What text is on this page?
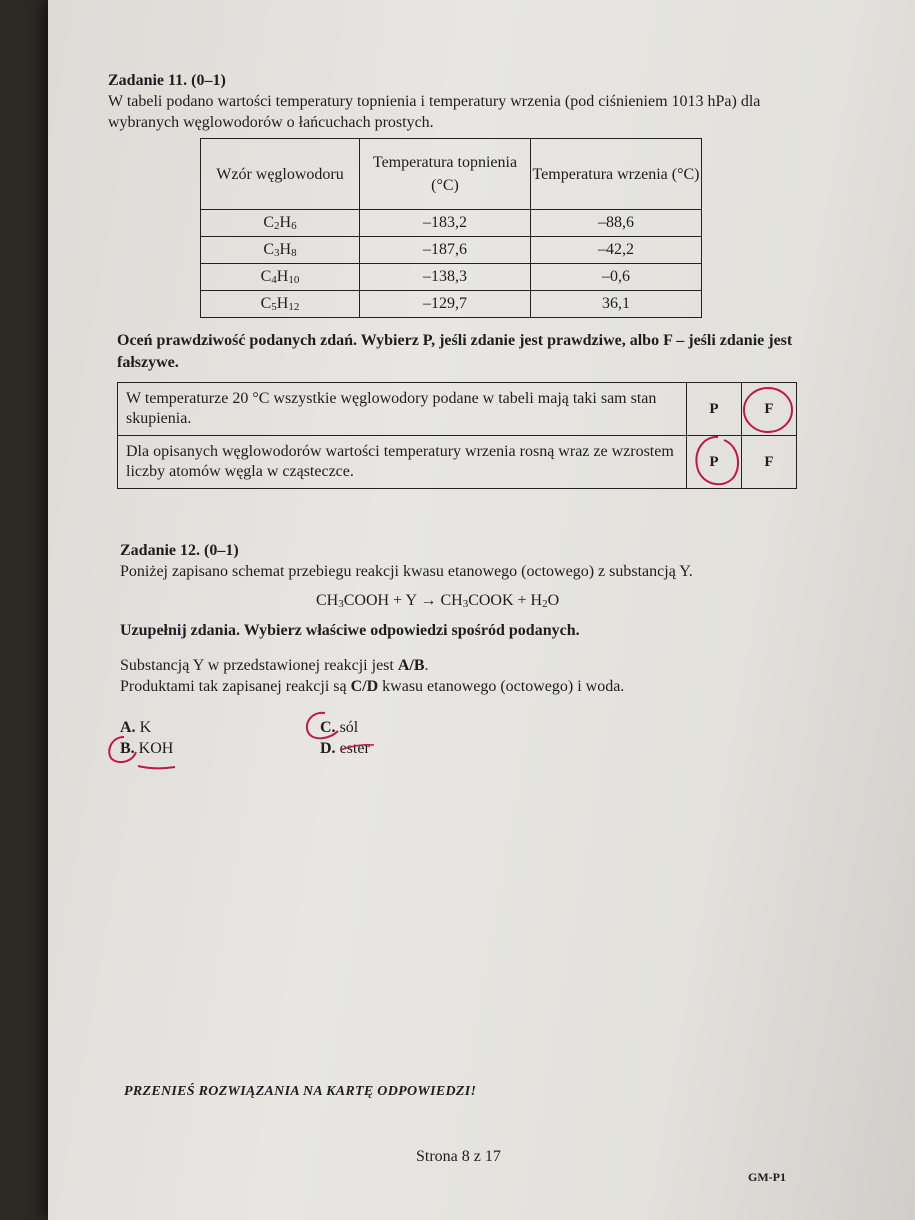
Zadanie 11. (0–1)

W tabeli podano wartości temperatury topnienia i temperatury wrzenia (pod ciśnieniem 1013 hPa) dla wybranych węglowodorów o łańcuchach prostych.

Wzór węglowodoru	Temperatura topnienia (°C)	Temperatura wrzenia (°C)
$C_2H_6$	–183,2	–88,6
$C_3H_8$	–187,6	–42,2
$C_4H_{10}$	–138,3	–0,6
$C_5H_{12}$	–129,7	36,1
Oceń prawdziwość podanych zdań. Wybierz P, jeśli zdanie jest prawdziwe, albo F – jeśli zdanie jest fałszywe.
W temperaturze 20 °C wszystkie węglowodory podane w tabeli mają taki sam stan skupienia.	P	F
Dla opisanych węglowodorów wartości temperatury wrzenia rosną wraz ze wzrostem liczby atomów węgla w cząsteczce.	P	F
Zadanie 12. (0–1)
Poniżej zapisano schemat przebiegu reakcji kwasu etanowego (octowego) z substancją Y.
$CH_3COOH + Y$ → $CH_3COOK + H_2O$
Uzupełnij zdania. Wybierz właściwe odpowiedzi spośród podanych.
Substancją Y w przedstawionej reakcji jest A/B.
Produktami tak zapisanej reakcji są C/D kwasu etanowego (octowego) i woda.
A. K
B. KOH
C. sól
D. ester
PRZENIEŚ ROZWIĄZANIA NA KARTĘ ODPOWIEDZI!
Strona 8 z 17
GM-P1
